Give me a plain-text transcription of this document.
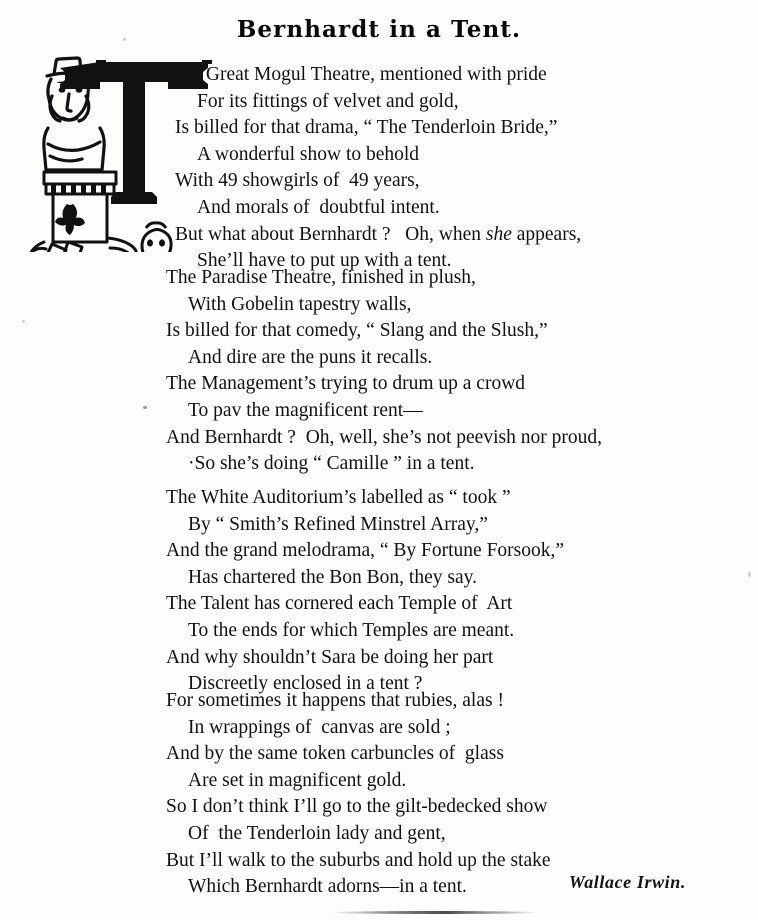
Bernhardt in a Tent.
HE Great Mogul Theatre, mentioned with pride
For its fittings of velvet and gold,
Is billed for that drama, “ The Tenderloin Bride,”
A wonderful show to behold
With 49 showgirls of  49 years,
And morals of  doubtful intent.
But what about Bernhardt ?   Oh, when she appears,
She’ll have to put up with a tent.
The Paradise Theatre, finished in plush,
With Gobelin tapestry walls,
Is billed for that comedy, “ Slang and the Slush,”
And dire are the puns it recalls.
The Management’s trying to drum up a crowd
To pav the magnificent rent—
And Bernhardt ?  Oh, well, she’s not peevish nor proud,
·So she’s doing “ Camille ” in a tent.
The White Auditorium’s labelled as “ took ”
By “ Smith’s Refined Minstrel Array,”
And the grand melodrama, “ By Fortune Forsook,”
Has chartered the Bon Bon, they say.
The Talent has cornered each Temple of  Art
To the ends for which Temples are meant.
And why shouldn’t Sara be doing her part
Discreetly enclosed in a tent ?
For sometimes it happens that rubies, alas !
In wrappings of  canvas are sold ;
And by the same token carbuncles of  glass
Are set in magnificent gold.
So I don’t think I’ll go to the gilt-bedecked show
Of  the Tenderloin lady and gent,
But I’ll walk to the suburbs and hold up the stake
Which Bernhardt adorns—in a tent.	Wallace Irwin.
